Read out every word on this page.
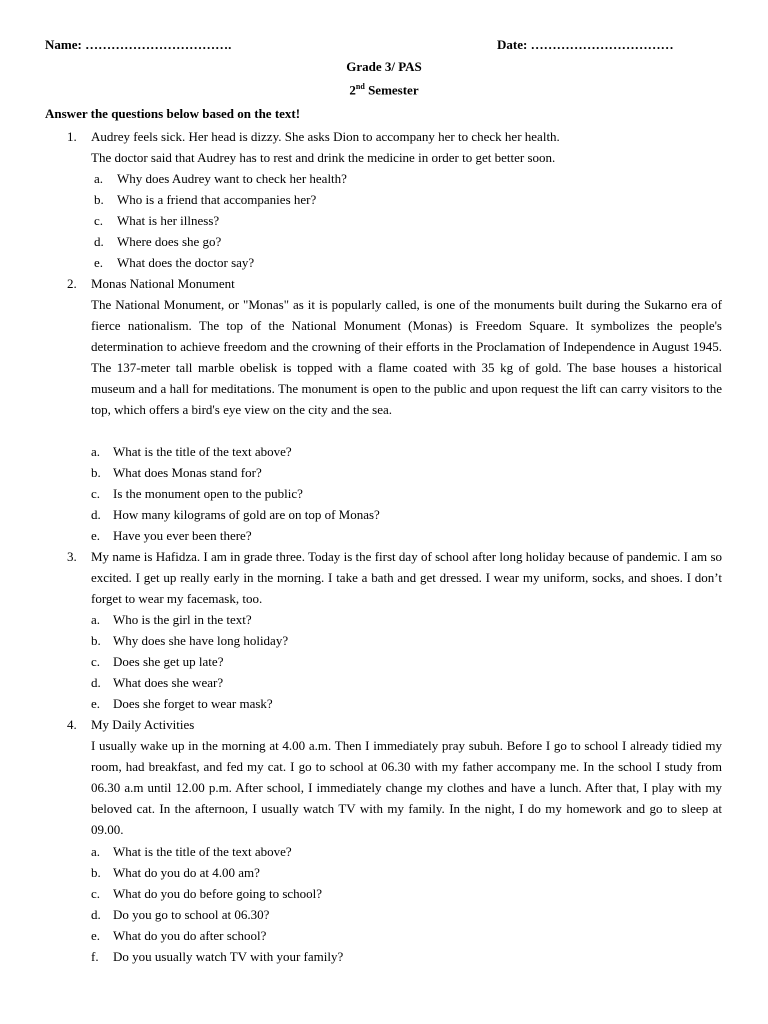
Name: …………………………….	Date: ……………………………
Grade 3/ PAS
2nd Semester
Answer the questions below based on the text!
1. Audrey feels sick. Her head is dizzy. She asks Dion to accompany her to check her health.
The doctor said that Audrey has to rest and drink the medicine in order to get better soon.
a. Why does Audrey want to check her health?
b. Who is a friend that accompanies her?
c. What is her illness?
d. Where does she go?
e. What does the doctor say?
2. Monas National Monument
The National Monument, or "Monas" as it is popularly called, is one of the monuments built during the Sukarno era of fierce nationalism. The top of the National Monument (Monas) is Freedom Square. It symbolizes the people's determination to achieve freedom and the crowning of their efforts in the Proclamation of Independence in August 1945. The 137-meter tall marble obelisk is topped with a flame coated with 35 kg of gold. The base houses a historical museum and a hall for meditations. The monument is open to the public and upon request the lift can carry visitors to the top, which offers a bird's eye view on the city and the sea.
a. What is the title of the text above?
b. What does Monas stand for?
c. Is the monument open to the public?
d. How many kilograms of gold are on top of Monas?
e. Have you ever been there?
3. My name is Hafidza. I am in grade three. Today is the first day of school after long holiday because of pandemic. I am so excited. I get up really early in the morning. I take a bath and get dressed. I wear my uniform, socks, and shoes. I don’t forget to wear my facemask, too.
a. Who is the girl in the text?
b. Why does she have long holiday?
c. Does she get up late?
d. What does she wear?
e. Does she forget to wear mask?
4. My Daily Activities
I usually wake up in the morning at 4.00 a.m. Then I immediately pray subuh. Before I go to school I already tidied my room, had breakfast, and fed my cat. I go to school at 06.30 with my father accompany me. In the school I study from 06.30 a.m until 12.00 p.m. After school, I immediately change my clothes and have a lunch. After that, I play with my beloved cat. In the afternoon, I usually watch TV with my family. In the night, I do my homework and go to sleep at 09.00.
a. What is the title of the text above?
b. What do you do at 4.00 am?
c. What do you do before going to school?
d. Do you go to school at 06.30?
e. What do you do after school?
f. Do you usually watch TV with your family?
